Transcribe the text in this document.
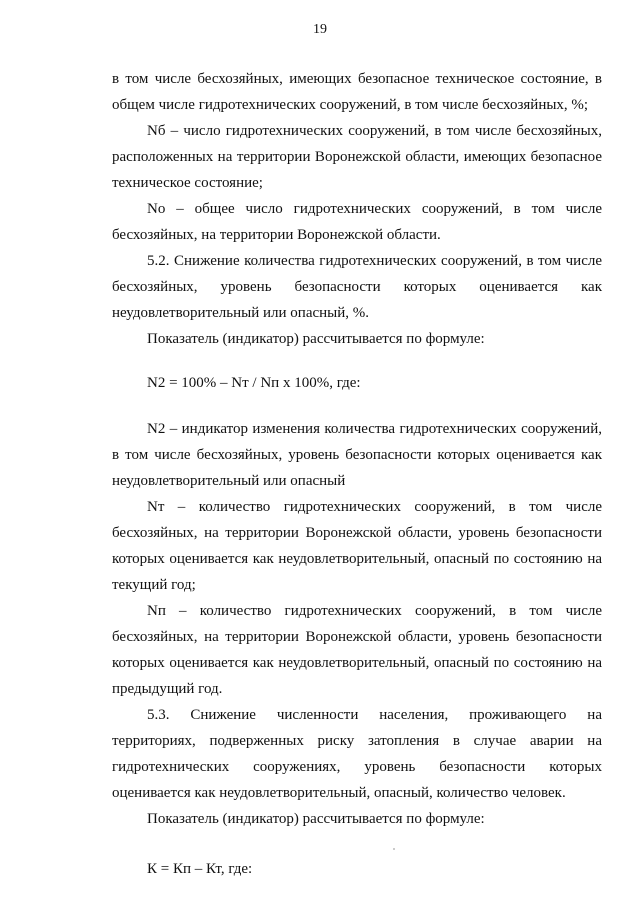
19

в том числе бесхозяйных, имеющих безопасное техническое состояние, в общем числе гидротехнических сооружений, в том числе бесхозяйных, %;

Nб – число гидротехнических сооружений, в том числе бесхозяйных, расположенных на территории Воронежской области, имеющих безопасное техническое состояние;

Nо – общее число гидротехнических сооружений, в том числе бесхозяйных, на территории Воронежской области.

5.2. Снижение количества гидротехнических сооружений, в том числе бесхозяйных, уровень безопасности которых оценивается как неудовлетворительный или опасный, %.

Показатель (индикатор) рассчитывается по формуле:

N2 = 100% – Nт / Nп х 100%, где:

N2 – индикатор изменения количества гидротехнических сооружений, в том числе бесхозяйных, уровень безопасности которых оценивается как неудовлетворительный или опасный

Nт – количество гидротехнических сооружений, в том числе бесхозяйных, на территории Воронежской области, уровень безопасности которых оценивается как неудовлетворительный, опасный по состоянию на текущий год;

Nп – количество гидротехнических сооружений, в том числе бесхозяйных, на территории Воронежской области, уровень безопасности которых оценивается как неудовлетворительный, опасный по состоянию на предыдущий год.

5.3. Снижение численности населения, проживающего на территориях, подверженных риску затопления в случае аварии на гидротехнических сооружениях, уровень безопасности которых оценивается как неудовлетворительный, опасный, количество человек.

Показатель (индикатор) рассчитывается по формуле:

К = Кп – Кт, где:
